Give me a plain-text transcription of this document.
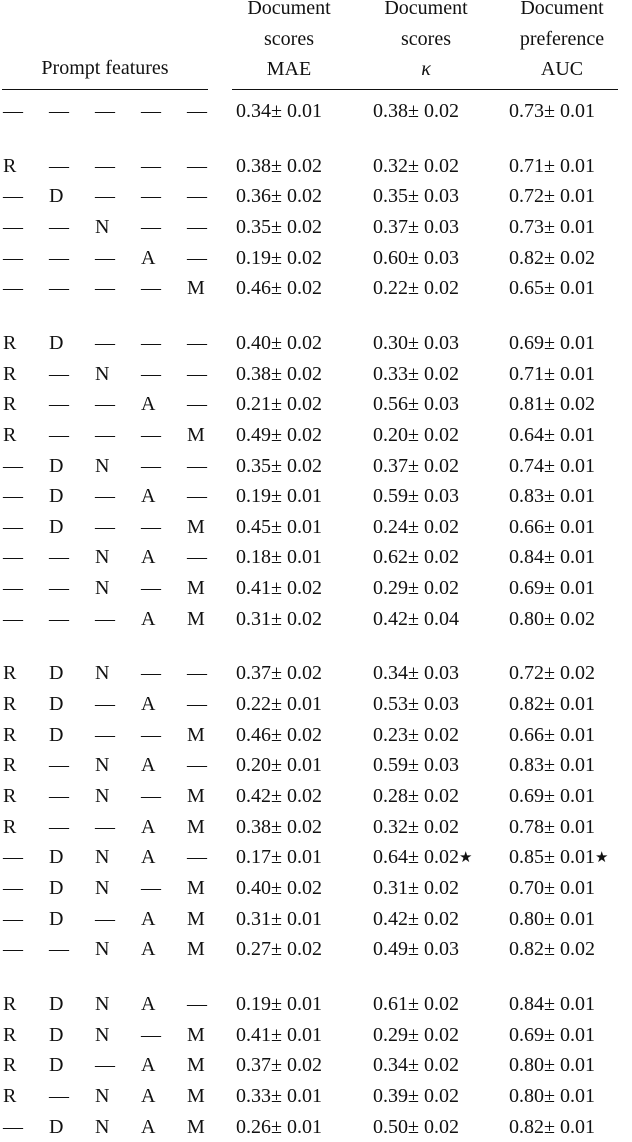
Document
scores
MAE
Document
scores
κ
Document
preference
AUC
Prompt features
— — — — — 0.34± 0.01	0.38± 0.02	0.73± 0.01
R — — — — 0.38± 0.02	0.32± 0.02	0.71± 0.01
— D — — — 0.36± 0.02	0.35± 0.03	0.72± 0.01
— — N — — 0.35± 0.02	0.37± 0.03	0.73± 0.01
— — — A — 0.19± 0.02	0.60± 0.03	0.82± 0.02
— — — — M 0.46± 0.02	0.22± 0.02	0.65± 0.01
R D — — — 0.40± 0.02	0.30± 0.03	0.69± 0.01
R — N — — 0.38± 0.02	0.33± 0.02	0.71± 0.01
R — — A — 0.21± 0.02	0.56± 0.03	0.81± 0.02
R — — — M 0.49± 0.02	0.20± 0.02	0.64± 0.01
— D N — — 0.35± 0.02	0.37± 0.02	0.74± 0.01
— D — A — 0.19± 0.01	0.59± 0.03	0.83± 0.01
— D — — M 0.45± 0.01	0.24± 0.02	0.66± 0.01
— — N A — 0.18± 0.01	0.62± 0.02	0.84± 0.01
— — N — M 0.41± 0.02	0.29± 0.02	0.69± 0.01
— — — A M 0.31± 0.02	0.42± 0.04	0.80± 0.02
R D N — — 0.37± 0.02	0.34± 0.03	0.72± 0.02
R D — A — 0.22± 0.01	0.53± 0.03	0.82± 0.01
R D — — M 0.46± 0.02	0.23± 0.02	0.66± 0.01
R — N A — 0.20± 0.01	0.59± 0.03	0.83± 0.01
R — N — M 0.42± 0.02	0.28± 0.02	0.69± 0.01
R — — A M 0.38± 0.02	0.32± 0.02	0.78± 0.01
— D N A — 0.17± 0.01	0.64± 0.02★ 0.85± 0.01★
— D N — M 0.40± 0.02	0.31± 0.02	0.70± 0.01
— D — A M 0.31± 0.01	0.42± 0.02	0.80± 0.01
— — N A M 0.27± 0.02	0.49± 0.03	0.82± 0.02
R D N A — 0.19± 0.01	0.61± 0.02	0.84± 0.01
R D N — M 0.41± 0.01	0.29± 0.02	0.69± 0.01
R D — A M 0.37± 0.02	0.34± 0.02	0.80± 0.01
R — N A M 0.33± 0.01	0.39± 0.02	0.80± 0.01
— D N A M 0.26± 0.01	0.50± 0.02	0.82± 0.01
